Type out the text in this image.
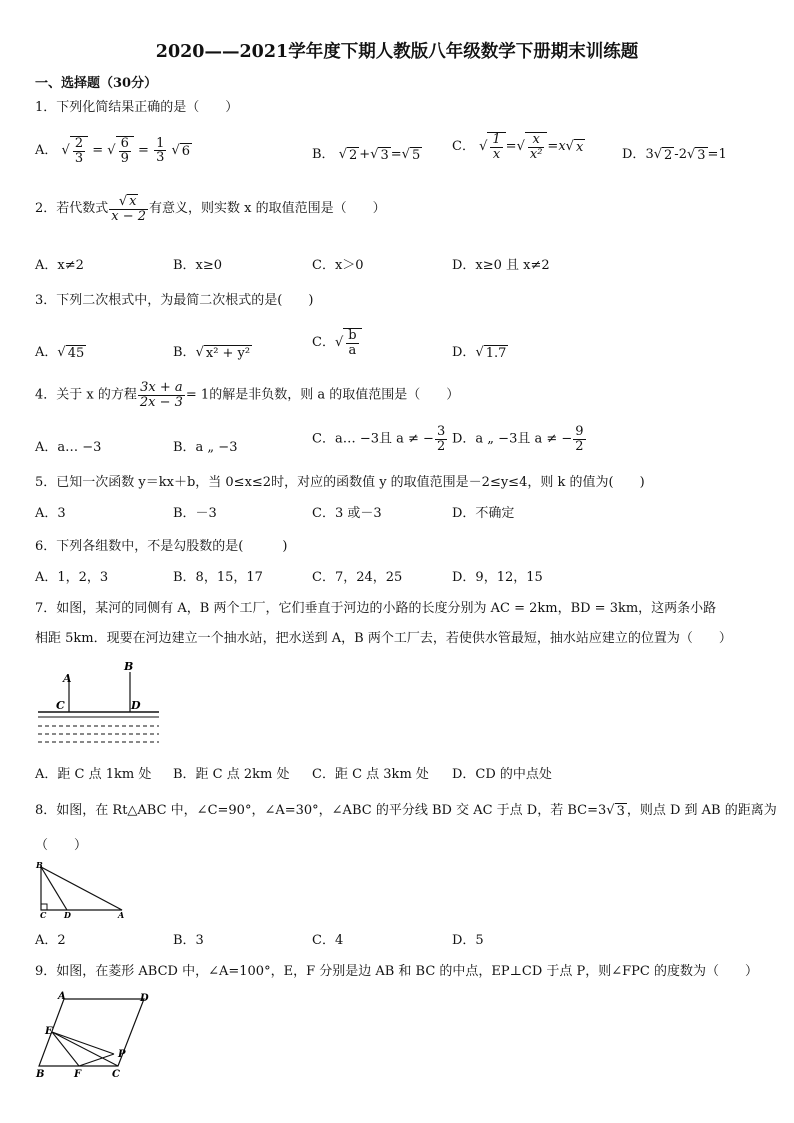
2020——2021学年度下期人教版八年级数学下册期末训练题
一、选择题（30分）
1．下列化简结果正确的是（　　）
A． √ $\frac{2}{3}$ = √ $\frac{6}{9} = \frac{1}{3}$ √ 6	B． √ 2 +√ 3 =√ 5
C． √ $\frac{1}{x}$ =√ $\frac{x}{\text{x²}} =x√$ x	D．3√ 2 -2√ 3 =1
2．若代数式 $\frac{√ x}{x - 2}$ 有意义，则实数 x 的取值范围是（　　）
A．x≠2	B．x≥0	C．x＞0	D．x≥0 且 x≠2
3．下列二次根式中，为最简二次根式的是(　　)
A．√ 45	B．√ x² + y²
C．√ $\frac{b}{a}$	D．√ 1.7
4．关于 x 的方程 $\frac{3x + a}{2x - 3} = 1$的解是非负数，则 a 的取值范围是（　　）
A．a… −3	B．a „ −3
C．a… −3且 a ≠ − $\frac{3}{2}$ D．a „ −3且 a ≠ − $\frac{9}{2}$
5．已知一次函数 y＝kx＋b，当 0≤x≤2时，对应的函数值 y 的取值范围是－2≤y≤4，则 k 的值为(　　)
A．3	B．－3	C．3 或－3	D．不确定
6．下列各组数中，不是勾股数的是(　　　)
A．1，2，3	B．8，15，17	C．7，24，25	D．9，12，15
7．如图，某河的同侧有 A，B 两个工厂，它们垂直于河边的小路的长度分别为 AC = 2km，BD = 3km，这两条小路
相距 5km．现要在河边建立一个抽水站，把水送到 A，B 两个工厂去，若使供水管最短，抽水站应建立的位置为（　　）
A
B
C	D
A．距 C 点 1km 处 B．距 C 点 2km 处 C．距 C 点 3km 处 D．CD 的中点处
8．如图，在 Rt△ABC 中，∠C=90°，∠A=30°，∠ABC 的平分线 BD 交 AC 于点 D，若 BC=3√ 3 ，则点 D 到 AB 的距离为
（　　）
B
C D	A
A．2	B．3	C．4	D．5
9．如图，在菱形 ABCD 中，∠A=100°，E，F 分别是边 AB 和 BC 的中点，EP⊥CD 于点 P，则∠FPC 的度数为（　　）
A	D
E
P
B	F	C
